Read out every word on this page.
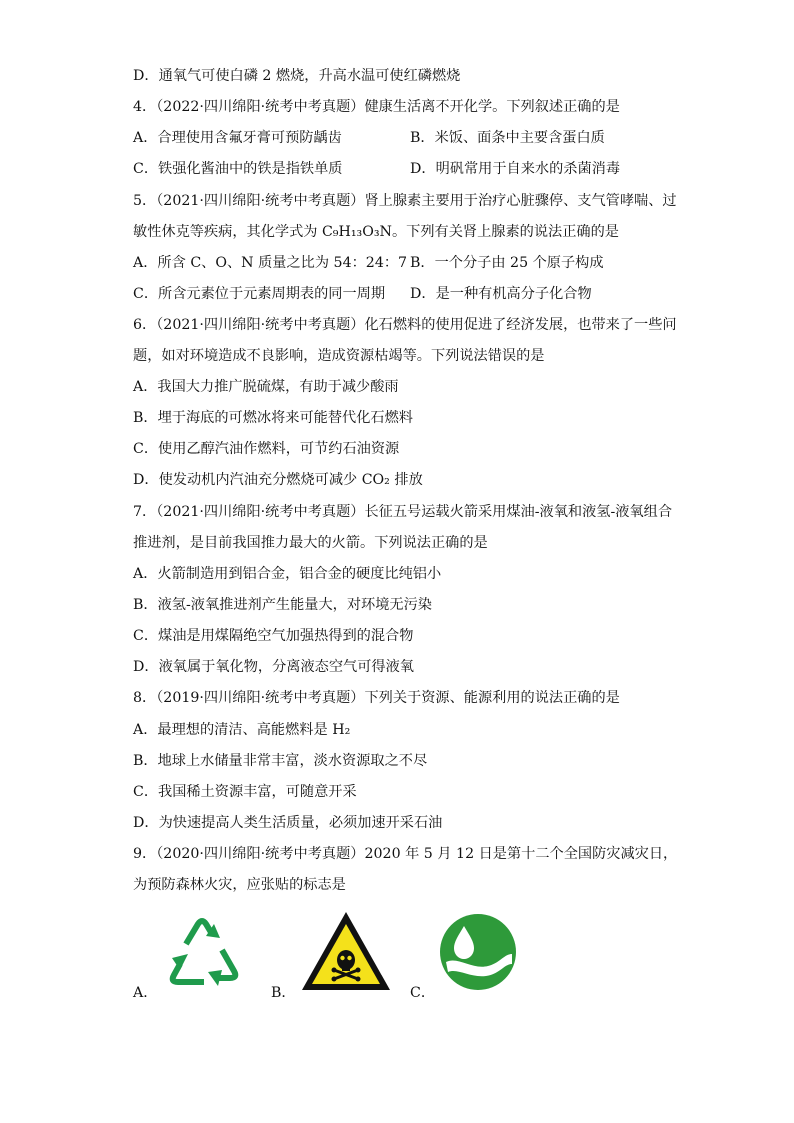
D．通氧气可使白磷 2 燃烧，升高水温可使红磷燃烧
4．（2022·四川绵阳·统考中考真题）健康生活离不开化学。下列叙述正确的是
A．合理使用含氟牙膏可预防龋齿	B．米饭、面条中主要含蛋白质
C．铁强化酱油中的铁是指铁单质	D．明矾常用于自来水的杀菌消毒
5．（2021·四川绵阳·统考中考真题）肾上腺素主要用于治疗心脏骤停、支气管哮喘、过
敏性休克等疾病，其化学式为 C₉H₁₃O₃N。下列有关肾上腺素的说法正确的是
A．所含 C、O、N 质量之比为 54：24：7 B．一个分子由 25 个原子构成
C．所含元素位于元素周期表的同一周期 D．是一种有机高分子化合物
6．（2021·四川绵阳·统考中考真题）化石燃料的使用促进了经济发展，也带来了一些问
题，如对环境造成不良影响，造成资源枯竭等。下列说法错误的是
A．我国大力推广脱硫煤，有助于减少酸雨
B．埋于海底的可燃冰将来可能替代化石燃料
C．使用乙醇汽油作燃料，可节约石油资源
D．使发动机内汽油充分燃烧可减少 CO₂ 排放
7．（2021·四川绵阳·统考中考真题）长征五号运载火箭采用煤油-液氧和液氢-液氧组合
推进剂，是目前我国推力最大的火箭。下列说法正确的是
A．火箭制造用到铝合金，铝合金的硬度比纯铝小
B．液氢-液氧推进剂产生能量大，对环境无污染
C．煤油是用煤隔绝空气加强热得到的混合物
D．液氧属于氧化物，分离液态空气可得液氧
8．（2019·四川绵阳·统考中考真题）下列关于资源、能源利用的说法正确的是
A．最理想的清洁、高能燃料是 H₂
B．地球上水储量非常丰富，淡水资源取之不尽
C．我国稀土资源丰富，可随意开采
D．为快速提高人类生活质量，必须加速开采石油
9．（2020·四川绵阳·统考中考真题）2020 年 5 月 12 日是第十二个全国防灾减灾日，
为预防森林火灾，应张贴的标志是
A．	B．	C．
